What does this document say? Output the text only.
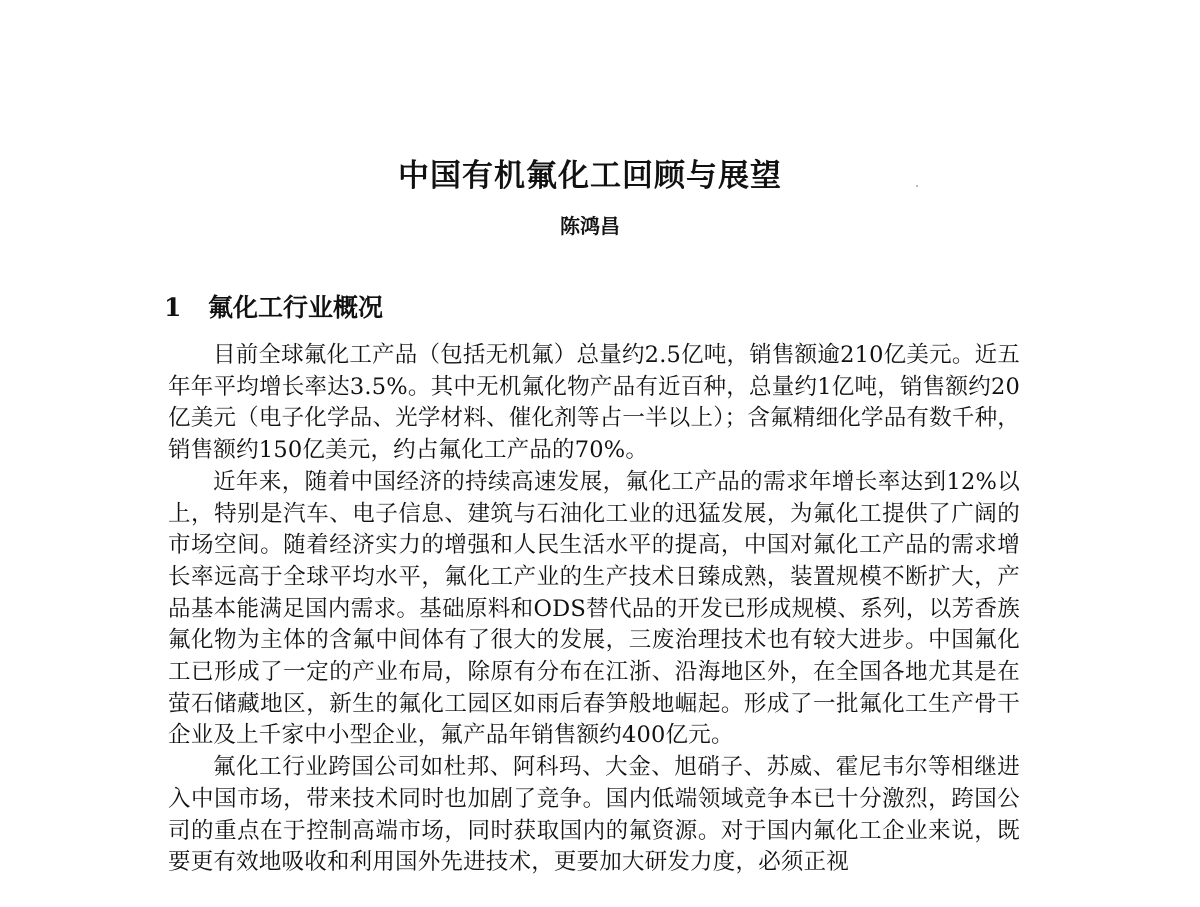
中国有机氟化工回顾与展望
陈鸿昌
1 氟化工行业概况

目前全球氟化工产品（包括无机氟）总量约2.5亿吨，销售额逾210亿美元。近五年年平均增长率达3.5%。其中无机氟化物产品有近百种，总量约1亿吨，销售额约20亿美元（电子化学品、光学材料、催化剂等占一半以上）；含氟精细化学品有数千种，销售额约150亿美元，约占氟化工产品的70%。

近年来，随着中国经济的持续高速发展，氟化工产品的需求年增长率达到12%以上，特别是汽车、电子信息、建筑与石油化工业的迅猛发展，为氟化工提供了广阔的市场空间。随着经济实力的增强和人民生活水平的提高，中国对氟化工产品的需求增长率远高于全球平均水平，氟化工产业的生产技术日臻成熟，装置规模不断扩大，产品基本能满足国内需求。基础原料和ODS替代品的开发已形成规模、系列，以芳香族氟化物为主体的含氟中间体有了很大的发展，三废治理技术也有较大进步。中国氟化工已形成了一定的产业布局，除原有分布在江浙、沿海地区外，在全国各地尤其是在萤石储藏地区，新生的氟化工园区如雨后春笋般地崛起。形成了一批氟化工生产骨干企业及上千家中小型企业，氟产品年销售额约400亿元。

氟化工行业跨国公司如杜邦、阿科玛、大金、旭硝子、苏威、霍尼韦尔等相继进入中国市场，带来技术同时也加剧了竞争。国内低端领域竞争本已十分激烈，跨国公司的重点在于控制高端市场，同时获取国内的氟资源。对于国内氟化工企业来说，既要更有效地吸收和利用国外先进技术，更要加大研发力度，必须正视
